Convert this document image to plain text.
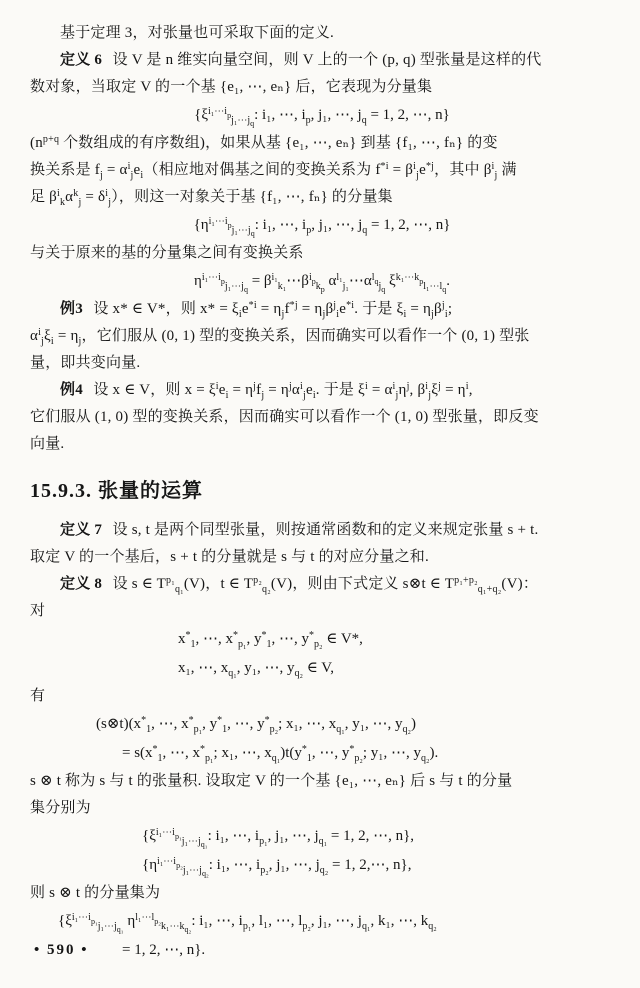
基于定理 3，对张量也可采取下面的定义.

定义 6 设 V 是 n 维实向量空间，则 V 上的一个 (p, q) 型张量是这样的代

数对象，当取定 V 的一个基 {e₁, ⋯, eₙ} 后，它表现为分量集

{$\xi^{i_1\cdots i_p}_{j_1\cdots j_q}$: i₁, ⋯, $i_p$, j₁, ⋯, $j_q = 1$, 2, ⋯, n}

($n^{p+q}$ 个数组成的有序数组)，如果从基 {e₁, ⋯, eₙ} 到基 {f₁, ⋯, fₙ} 的变

换关系是 $f_j = \alpha^i_je_i$（相应地对偶基之间的变换关系为 $f^{*i} = \beta^i_je^{*j}$，其中 $\beta^i_j$ 满

足 $\beta^i_k\alpha^k_j = \delta^i_j$），则这一对象关于基 {f₁, ⋯, fₙ} 的分量集

{$\eta^{i_1\cdots i_p}_{j_1\cdots j_q}$: i₁, ⋯, $i_p$, j₁, ⋯, $j_q = 1$, 2, ⋯, n}

与关于原来的基的分量集之间有变换关系

$\eta^{i_1\cdots i_p}_{j_1\cdots j_q}$ = $\beta^{i_1}_{k_1}\cdots\beta^{i_p}_{k_p}$ $\alpha^{l_1}_{j_1}\cdots\alpha^{l_q}_{j_q}$ $\xi^{k_1\cdots k_p}_{l_1\cdots l_q}$.

例3 设 x* ∈ V*，则 $x* = \xi_ie^{*i} = \eta_jf^{*j} = \eta_j\beta^j_ie^{*i}$. 于是 $\xi_i = \eta_j\beta^j_i$;

$\alpha^i_j\xi_i = \eta_j$，它们服从 (0, 1) 型的变换关系，因而确实可以看作一个 (0, 1) 型张

量，即共变向量.

例4 设 x ∈ V，则 $x = \xi^ie_i = \eta^jf_j = \eta^j\alpha^i_je_i$. 于是 $\xi^i = \alpha^i_j\eta^j$, $\beta^i_j\xi^j = \eta^i$,

它们服从 (1, 0) 型的变换关系，因而确实可以看作一个 (1, 0) 型张量，即反变

向量.

15.9.3. 张量的运算

定义 7 设 s, t 是两个同型张量，则按通常函数和的定义来规定张量 s + t.

取定 V 的一个基后，s + t 的分量就是 s 与 t 的对应分量之和.

定义 8 设 s ∈ $T^{p_1}_{q_1}(V)$，t ∈ $T^{p_2}_{q_2}(V)$，则由下式定义 s⊗t ∈ $T^{p_1+p_2}_{q_1+q_2}(V)$：

对

$x^*_1$, ⋯, $x^*_{p_1}$, $y^*_1$, ⋯, $y^*_{p_2}$ ∈ V*,

x₁, ⋯, $x_{q_1}$, y₁, ⋯, $y_{q_2}$ ∈ V,

有

$(s\otimes t)(x^*_1$, ⋯, $x^*_{p_1}$, $y^*_1$, ⋯, $y^*_{p_2}$; x₁, ⋯, $x_{q_1}$, y₁, ⋯, $y_{q_2}$)

= $s(x^*_1$, ⋯, $x^*_{p_1}$; x₁, ⋯, $x_{q_1})t(y^*_1$, ⋯, $y^*_{p_2}$; y₁, ⋯, $y_{q_2}$).

s ⊗ t 称为 s 与 t 的张量积. 设取定 V 的一个基 {e₁, ⋯, eₙ} 后 s 与 t 的分量

集分别为

{$\xi^{i_1\cdots i_{p_1}}_{j_1\cdots j_{q_1}}$: i₁, ⋯, $i_{p_1}$, j₁, ⋯, $j_{q_1} = 1$, 2, ⋯, n},

{$\eta^{i_1\cdots i_{p_2}}_{j_1\cdots j_{q_2}}$: i₁, ⋯, $i_{p_2}$, j₁, ⋯, $j_{q_2} = 1$, 2,⋯, n},

则 s ⊗ t 的分量集为

{$\xi^{i_1\cdots i_{p_1}}_{j_1\cdots j_{q_1}}$ $\eta^{l_1\cdots l_{p_2}}_{k_1\cdots k_{q_2}}$: i₁, ⋯, $i_{p_1}$, l₁, ⋯, $l_{p_2}$, j₁, ⋯, $j_{q_1}$, k₁, ⋯, $k_{q_2}$

= 1, 2, ⋯, n}.

• 590 •
